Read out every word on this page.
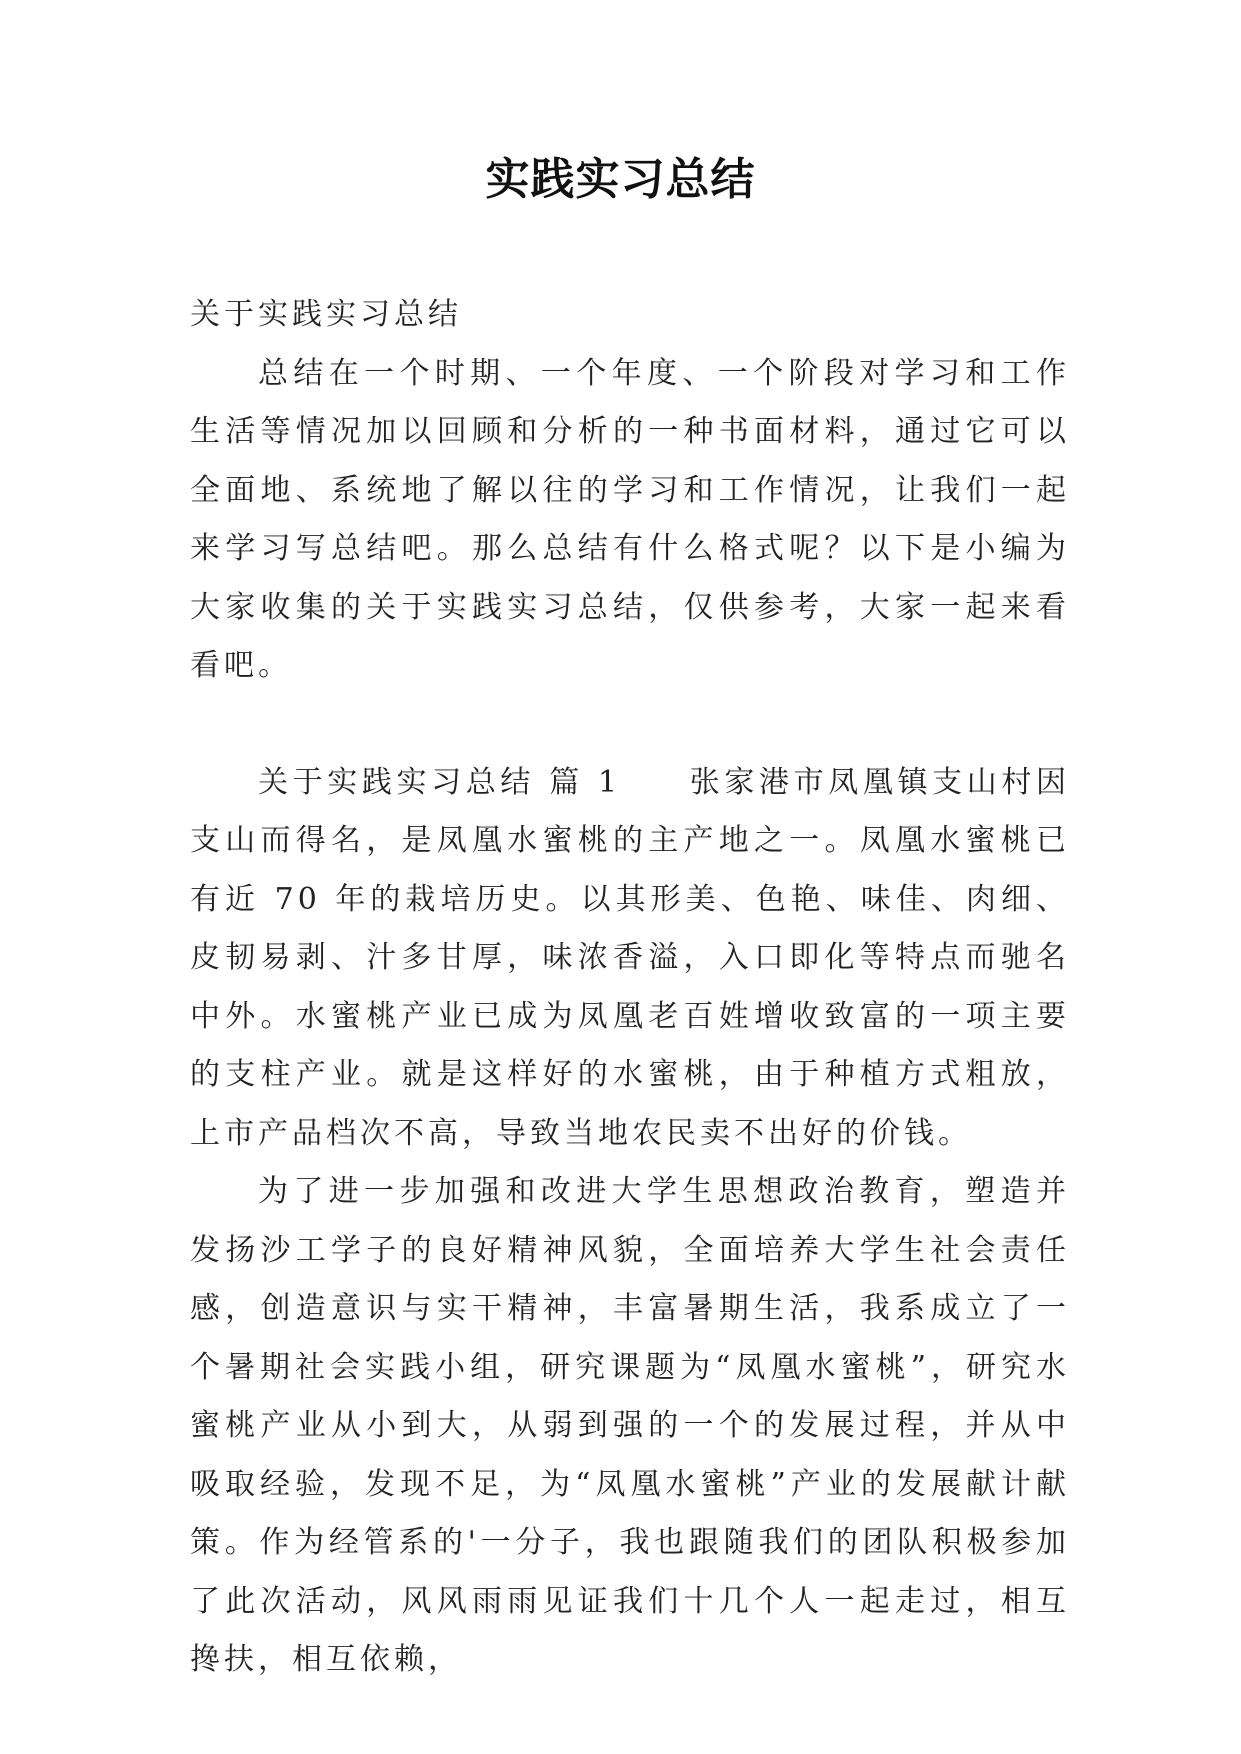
实践实习总结

关于实践实习总结

总结在一个时期、一个年度、一个阶段对学习和工作生活等情况加以回顾和分析的一种书面材料，通过它可以全面地、系统地了解以往的学习和工作情况，让我们一起来学习写总结吧。那么总结有什么格式呢？以下是小编为大家收集的关于实践实习总结，仅供参考，大家一起来看看吧。

关于实践实习总结 篇 1 张家港市凤凰镇支山村因支山而得名，是凤凰水蜜桃的主产地之一。凤凰水蜜桃已有近 70 年的栽培历史。以其形美、色艳、味佳、肉细、皮韧易剥、汁多甘厚，味浓香溢，入口即化等特点而驰名中外。水蜜桃产业已成为凤凰老百姓增收致富的一项主要的支柱产业。就是这样好的水蜜桃，由于种植方式粗放，上市产品档次不高，导致当地农民卖不出好的价钱。

为了进一步加强和改进大学生思想政治教育，塑造并发扬沙工学子的良好精神风貌，全面培养大学生社会责任感，创造意识与实干精神，丰富暑期生活，我系成立了一个暑期社会实践小组，研究课题为“凤凰水蜜桃”，研究水蜜桃产业从小到大，从弱到强的一个的发展过程，并从中吸取经验，发现不足，为“凤凰水蜜桃”产业的发展献计献策。作为经管系的'一分子，我也跟随我们的团队积极参加了此次活动，风风雨雨见证我们十几个人一起走过，相互搀扶，相互依赖，
